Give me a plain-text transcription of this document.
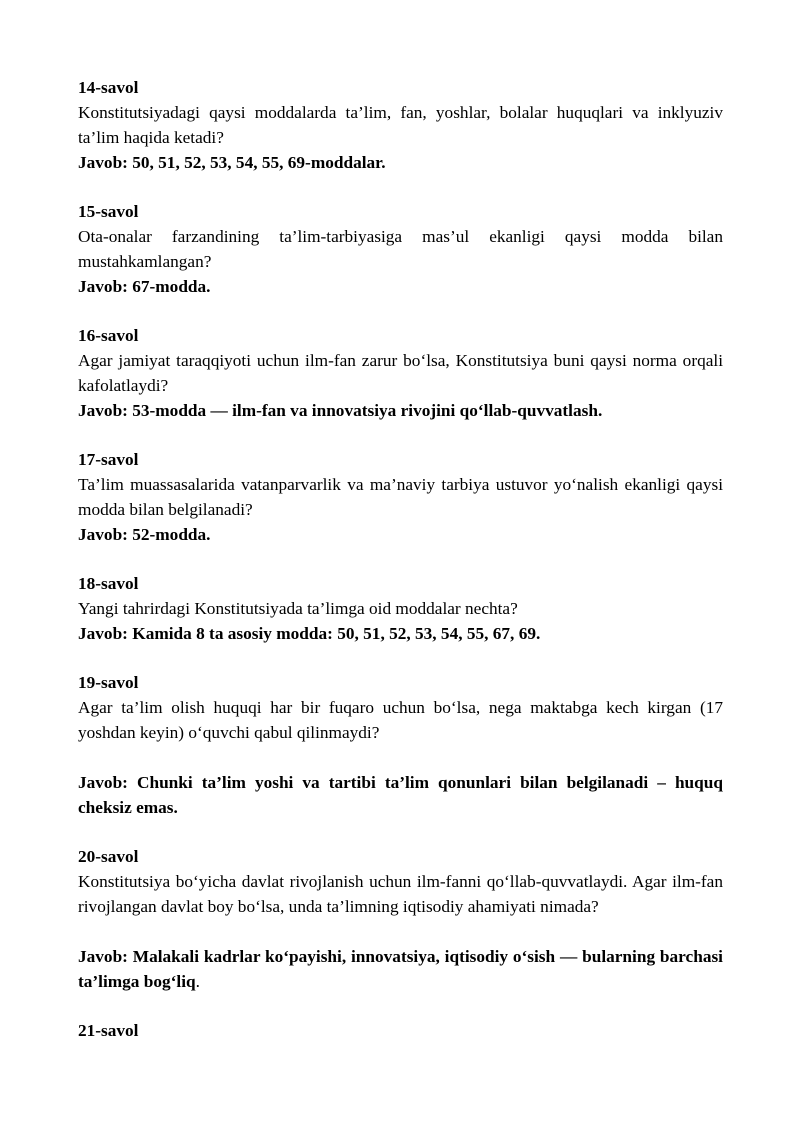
14-savol
Konstitutsiyadagi qaysi moddalarda ta’lim, fan, yoshlar, bolalar huquqlari va inklyuziv ta’lim haqida ketadi?
Javob: 50, 51, 52, 53, 54, 55, 69-moddalar.
15-savol
Ota-onalar farzandining ta’lim-tarbiyasiga mas’ul ekanligi qaysi modda bilan mustahkamlangan?
Javob: 67-modda.
16-savol
Agar jamiyat taraqqiyoti uchun ilm-fan zarur bo‘lsa, Konstitutsiya buni qaysi norma orqali kafolatlaydi?
Javob: 53-modda — ilm-fan va innovatsiya rivojini qo‘llab-quvvatlash.
17-savol
Ta’lim muassasalarida vatanparvarlik va ma’naviy tarbiya ustuvor yo‘nalish ekanligi qaysi modda bilan belgilanadi?
Javob: 52-modda.
18-savol
Yangi tahrirdagi Konstitutsiyada ta’limga oid moddalar nechta?
Javob: Kamida 8 ta asosiy modda: 50, 51, 52, 53, 54, 55, 67, 69.
19-savol
Agar ta’lim olish huquqi har bir fuqaro uchun bo‘lsa, nega maktabga kech kirgan (17 yoshdan keyin) o‘quvchi qabul qilinmaydi?
Javob: Chunki ta’lim yoshi va tartibi ta’lim qonunlari bilan belgilanadi – huquq cheksiz emas.
20-savol
Konstitutsiya bo‘yicha davlat rivojlanish uchun ilm-fanni qo‘llab-quvvatlaydi. Agar ilm-fan rivojlangan davlat boy bo‘lsa, unda ta’limning iqtisodiy ahamiyati nimada?
Javob: Malakali kadrlar ko‘payishi, innovatsiya, iqtisodiy o‘sish — bularning barchasi ta’limga bog‘liq.
21-savol
